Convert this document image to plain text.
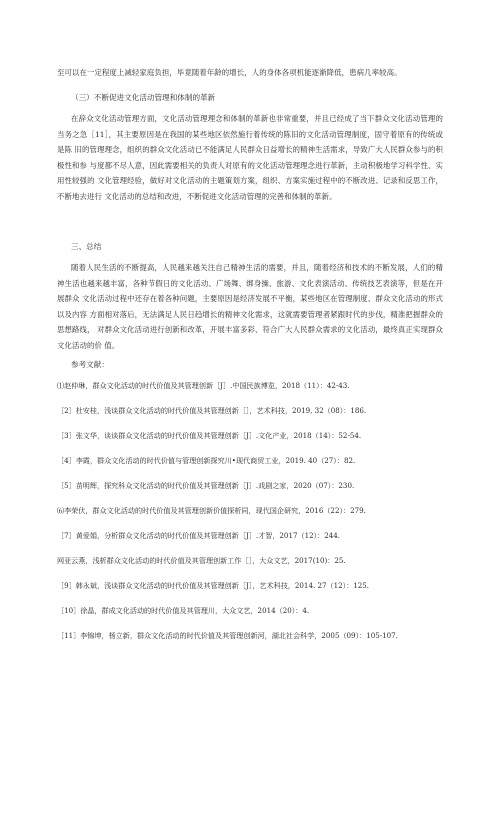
至可以在一定程度上减轻家庭负担，毕竟随着年龄的增长，人的身体各项机能逐渐降低，患病几率较高。
（三）不断促进文化活动管理和体制的革新
在辞众文化活动管理方面，文化活动管理理念和体制的革新也非常重要，并且已经成了当下群众文化活动管理的 当务之急［11］，其主要原因是在我国的某些地区依然施行着传统的陈旧的文化活动管理制度，固守着原有的传统或是陈 旧的管理理念，组织的群众文化活动已不能满足人民群众日益增长的精神生活需求，导致广大人民群众参与的积极性和参 与度都不尽人意，因此需要相关的负责人对原有的文化活动管理理念进行革新，主动积极地学习科学性、实用性较强的 文化管理经验，做好对文化活动的主题策划方案，组织、方案实施过程中的不断改进、记录和反思工作，不断地去进行 文化活动的总结和改进，不断促进文化活动管理的完善和体制的革新。
三、总结
随着人民生活的不断提高，人民越来越关注自己精神生活的需要，并且，随着经济和技术的不断发展，人们的精 神生活也越来越丰富，各种节假日的文化活动、广场舞、绑身操、旅游、文化表演活动、传统技艺表演等，但是在开展群众 文化活动过程中还存在着各种问题，主要原因是经济发展不平衡，某些地区在管理制度、群众文化活动的形式以及内容 方面相对落后，无法满足人民日趋增长的精神文化需求，这就需要管理者紧跟时代的步伐，精准把握群众的思想路线， 对群众文化活动进行创新和改革，开展丰富多彩、符合广大人民群众需求的文化活动，最终真正实现群众文化活动的价 值。
参考文献：
⑴赵仲琳，群众文化活动的时代价值及其管理创新［J］.中国民族博览，2018（11）：42-43.
［2］杜安桂，浅谈群众文化活动的时代价值及其管理创新［］，艺术科技，2019, 32（08）：186.
［3］张文华，谈谈群众文化活动的时代价值及其管理创新［J］.文化产业，2018（14）：52-54.
［4］李霞，群众文化活动的时代价值与管理创新探究川•现代商贸工业，2019. 40（27）：82.
［5］苗明辉，探究科众文化活动的时代价值及其管理创新［J］.戏剧之家，2020（07）：230.
⑹李荣伏，群众文化活动的时代价值及其管理创新价值探析同，现代国企研究，2016（22）：279.
［7］黄爱娟，分析群众文化活动的时代价值及其管理创新［J］.才智，2017（12）：244.
网亚云燕，浅析群众文化活动的时代价值及其管理创新工作［］，大众文艺，2017(10)：25.
［9］韩永斌，浅谈群众文化活动的时代价值及其管理创新［J］，艺术科技，2014. 27（12）：125.
［10］徐晶，群成文化活动的时代价值及其管理川，大众文艺，2014（20）：4.
［11］李锦坤，杨立新，群众文化活动的时代价值及其管理创新河，湖北社会科学，2005（09）：105-107.
